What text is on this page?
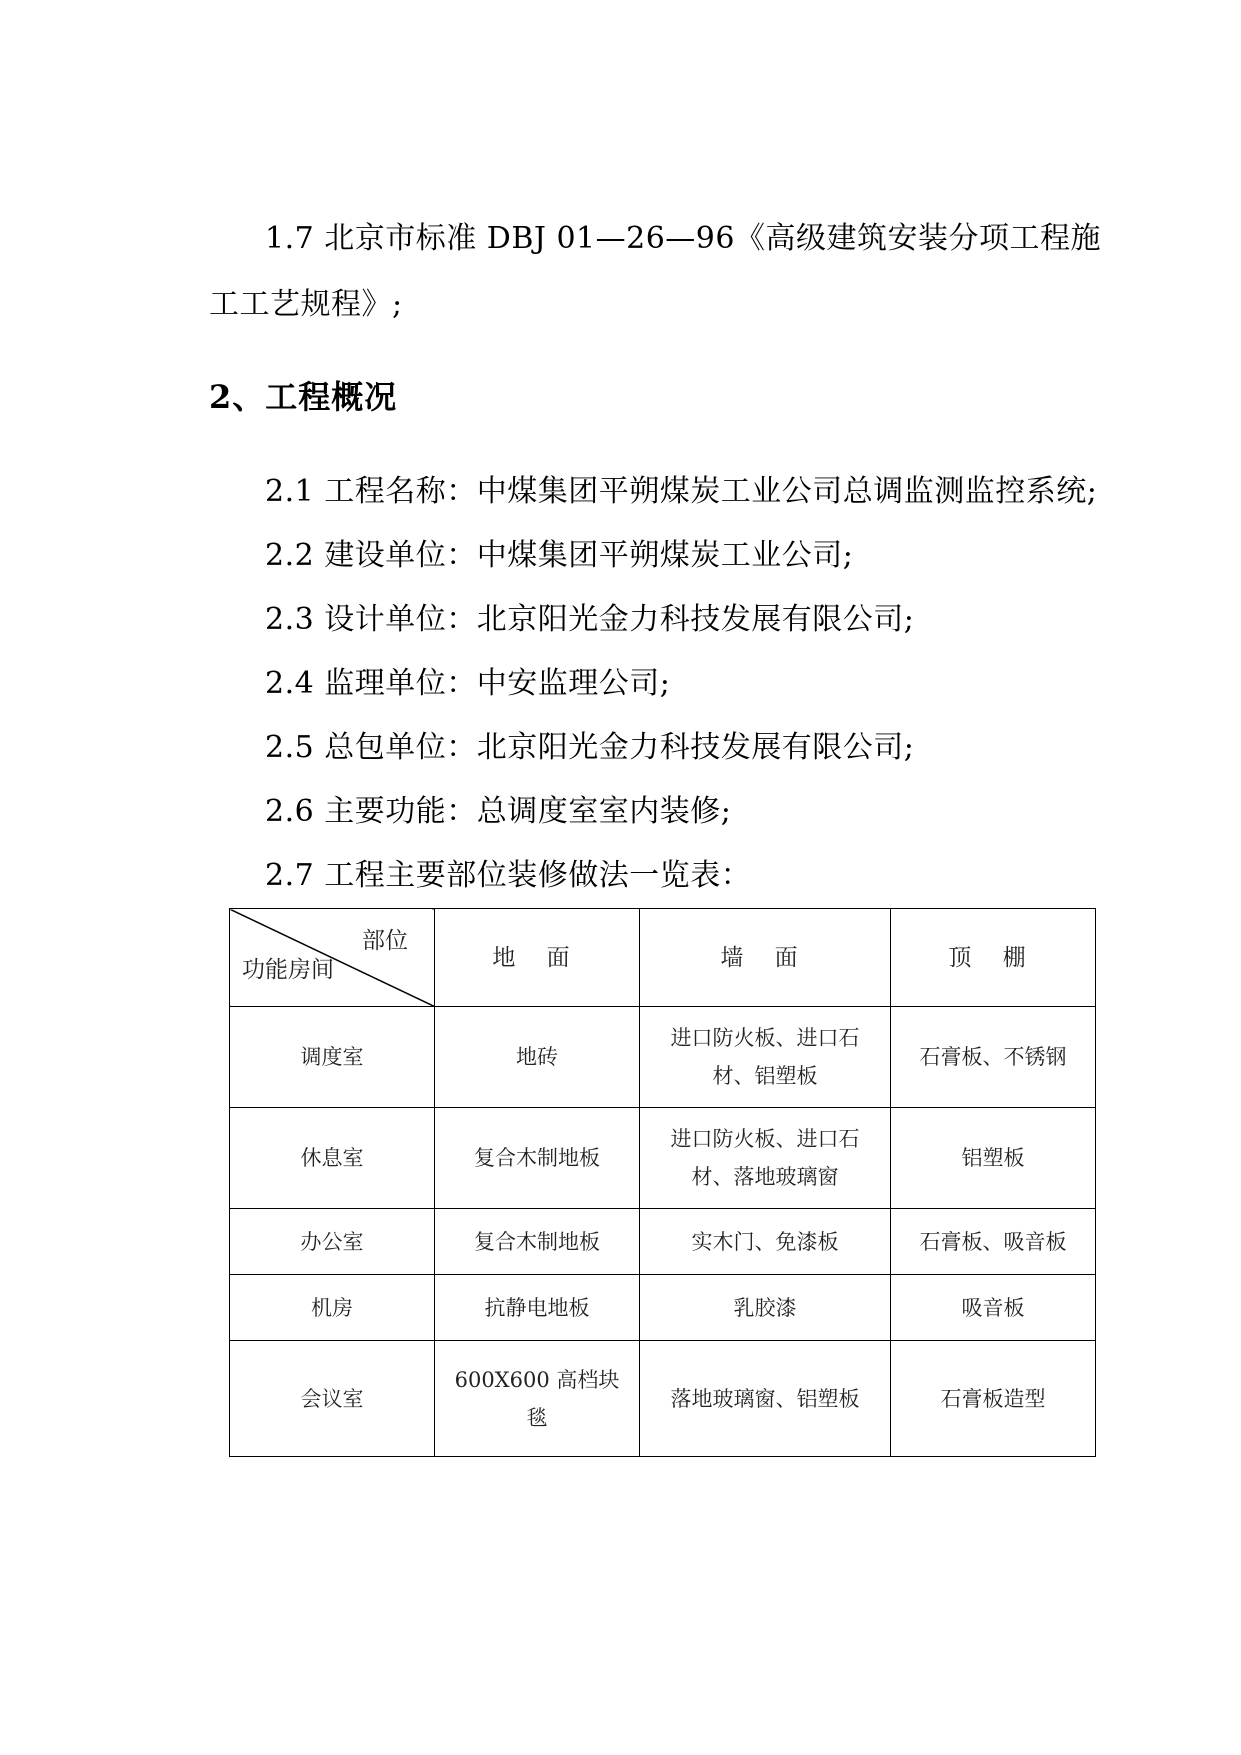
1.7 北京市标准 DBJ 01—26—96《高级建筑安装分项工程施工工艺规程》;

2、工程概况

2.1 工程名称：中煤集团平朔煤炭工业公司总调监测监控系统;

2.2 建设单位：中煤集团平朔煤炭工业公司;

2.3 设计单位：北京阳光金力科技发展有限公司;

2.4 监理单位：中安监理公司;

2.5 总包单位：北京阳光金力科技发展有限公司;

2.6 主要功能：总调度室室内装修;

2.7 工程主要部位装修做法一览表：

部位
功能房间	地 面	墙 面	顶 棚
调度室	地砖	进口防火板、进口石材、铝塑板	石膏板、不锈钢
休息室	复合木制地板	进口防火板、进口石材、落地玻璃窗	铝塑板
办公室	复合木制地板	实木门、免漆板	石膏板、吸音板
机房	抗静电地板	乳胶漆	吸音板
会议室	600X600 高档块毯	落地玻璃窗、铝塑板	石膏板造型
